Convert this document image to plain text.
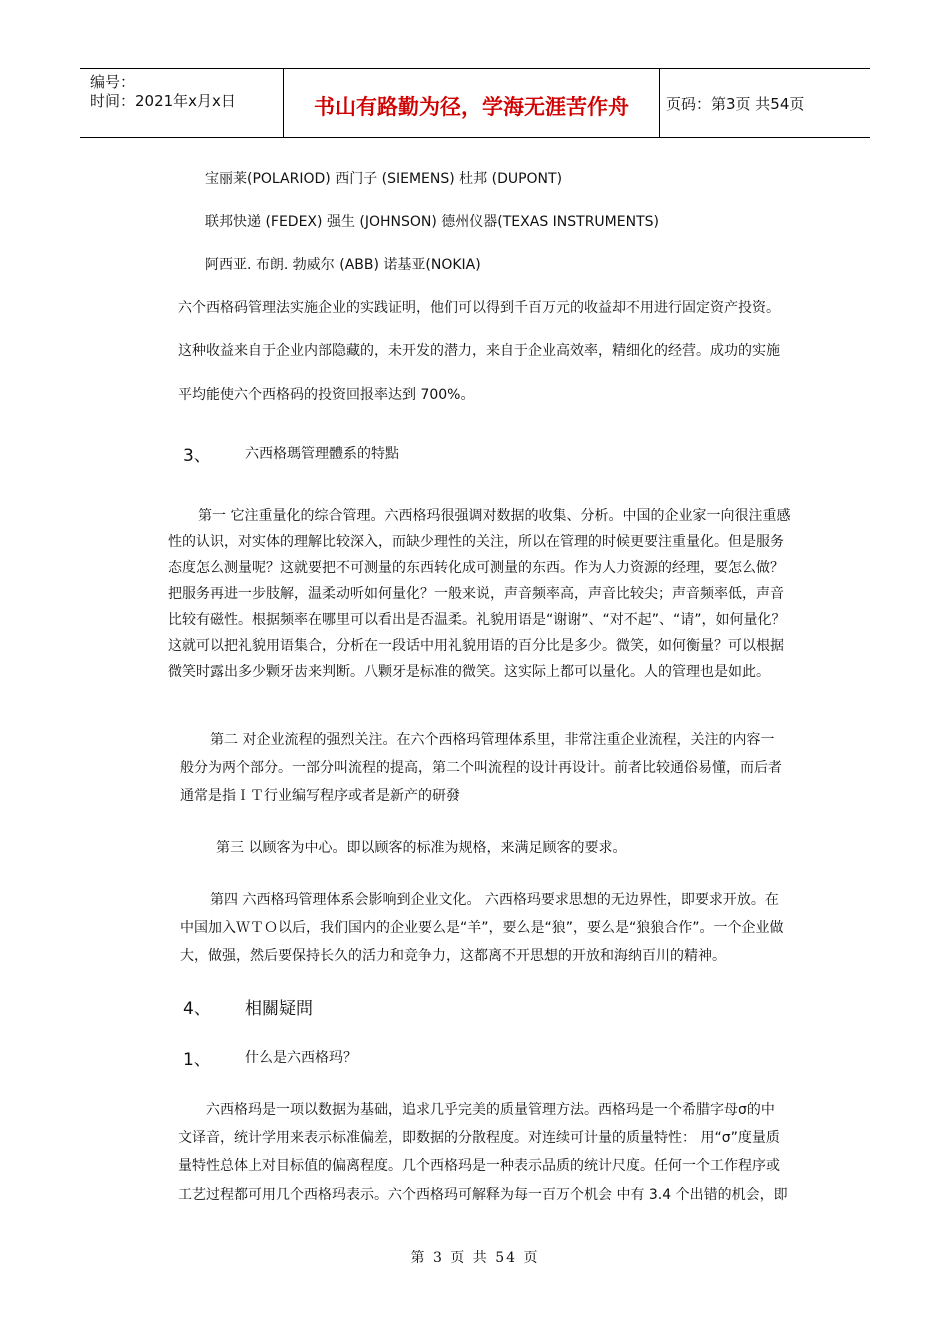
编号：
时间：2021年x月x日	书山有路勤为径，学海无涯苦作舟	页码：第3页 共54页
宝丽莱(POLARIOD) 西门子 (SIEMENS) 杜邦 (DUPONT)
联邦快递 (FEDEX) 强生 (JOHNSON) 德州仪器(TEXAS INSTRUMENTS)
阿西亚. 布朗. 勃威尔 (ABB) 诺基亚(NOKIA)
六个西格码管理法实施企业的实践证明，他们可以得到千百万元的收益却不用进行固定资产投资。
这种收益来自于企业内部隐藏的，未开发的潜力，来自于企业高效率，精细化的经营。成功的实施
平均能使六个西格码的投资回报率达到 700%。
3、 六西格瑪管理體系的特點
第一 它注重量化的综合管理。六西格玛很强调对数据的收集、分析。中国的企业家一向很注重感
性的认识，对实体的理解比较深入，而缺少理性的关注，所以在管理的时候更要注重量化。但是服务
态度怎么测量呢？这就要把不可测量的东西转化成可测量的东西。作为人力资源的经理，要怎么做？
把服务再进一步肢解，温柔动听如何量化？一般来说，声音频率高，声音比较尖；声音频率低，声音
比较有磁性。根据频率在哪里可以看出是否温柔。礼貌用语是“谢谢”、“对不起”、“请”，如何量化？
这就可以把礼貌用语集合，分析在一段话中用礼貌用语的百分比是多少。微笑，如何衡量？可以根据
微笑时露出多少颗牙齿来判断。八颗牙是标准的微笑。这实际上都可以量化。人的管理也是如此。
第二 对企业流程的强烈关注。在六个西格玛管理体系里，非常注重企业流程，关注的内容一
般分为两个部分。一部分叫流程的提高，第二个叫流程的设计再设计。前者比较通俗易懂，而后者
通常是指ＩＴ行业编写程序或者是新产的研發
第三 以顾客为中心。即以顾客的标准为规格，来满足顾客的要求。
第四 六西格玛管理体系会影响到企业文化。 六西格玛要求思想的无边界性，即要求开放。在
中国加入ＷＴＯ以后，我们国内的企业要么是“羊”，要么是“狼”，要么是“狼狼合作”。一个企业做
大，做强，然后要保持长久的活力和竞争力，这都离不开思想的开放和海纳百川的精神。
4、 相關疑問
1、 什么是六西格玛？
六西格玛是一项以数据为基础，追求几乎完美的质量管理方法。西格玛是一个希腊字母σ的中
文译音，统计学用来表示标准偏差，即数据的分散程度。对连续可计量的质量特性： 用“σ”度量质
量特性总体上对目标值的偏离程度。几个西格玛是一种表示品质的统计尺度。任何一个工作程序或
工艺过程都可用几个西格玛表示。六个西格玛可解释为每一百万个机会 中有 3.4 个出错的机会，即
第 3 页 共 54 页
